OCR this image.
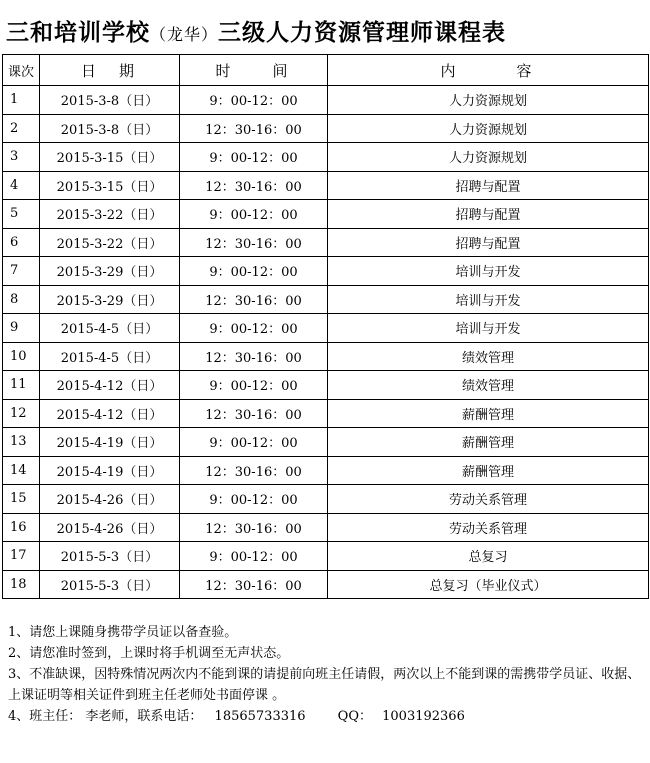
三和培训学校（龙华）三级人力资源管理师课程表
课次	日　期	时　　间	内　　　容
1	2015-3-8（日）	9：00-12：00	人力资源规划
2	2015-3-8（日）	12：30-16：00	人力资源规划
3	2015-3-15（日）	9：00-12：00	人力资源规划
4	2015-3-15（日）	12：30-16：00	招聘与配置
5	2015-3-22（日）	9：00-12：00	招聘与配置
6	2015-3-22（日）	12：30-16：00	招聘与配置
7	2015-3-29（日）	9：00-12：00	培训与开发
8	2015-3-29（日）	12：30-16：00	培训与开发
9	2015-4-5（日）	9：00-12：00	培训与开发
10	2015-4-5（日）	12：30-16：00	绩效管理
11	2015-4-12（日）	9：00-12：00	绩效管理
12	2015-4-12（日）	12：30-16：00	薪酬管理
13	2015-4-19（日）	9：00-12：00	薪酬管理
14	2015-4-19（日）	12：30-16：00	薪酬管理
15	2015-4-26（日）	9：00-12：00	劳动关系管理
16	2015-4-26（日）	12：30-16：00	劳动关系管理
17	2015-5-3（日）	9：00-12：00	总复习
18	2015-5-3（日）	12：30-16：00	总复习（毕业仪式）

1、请您上课随身携带学员证以备查验。

2、请您准时签到，上课时将手机调至无声状态。

3、不准缺课，因特殊情况两次内不能到课的请提前向班主任请假，两次以上不能到课的需携带学员证、收据、上课证明等相关证件到班主任老师处书面停课 。

4、班主任： 李老师，联系电话： 18565733316 QQ： 1003192366
